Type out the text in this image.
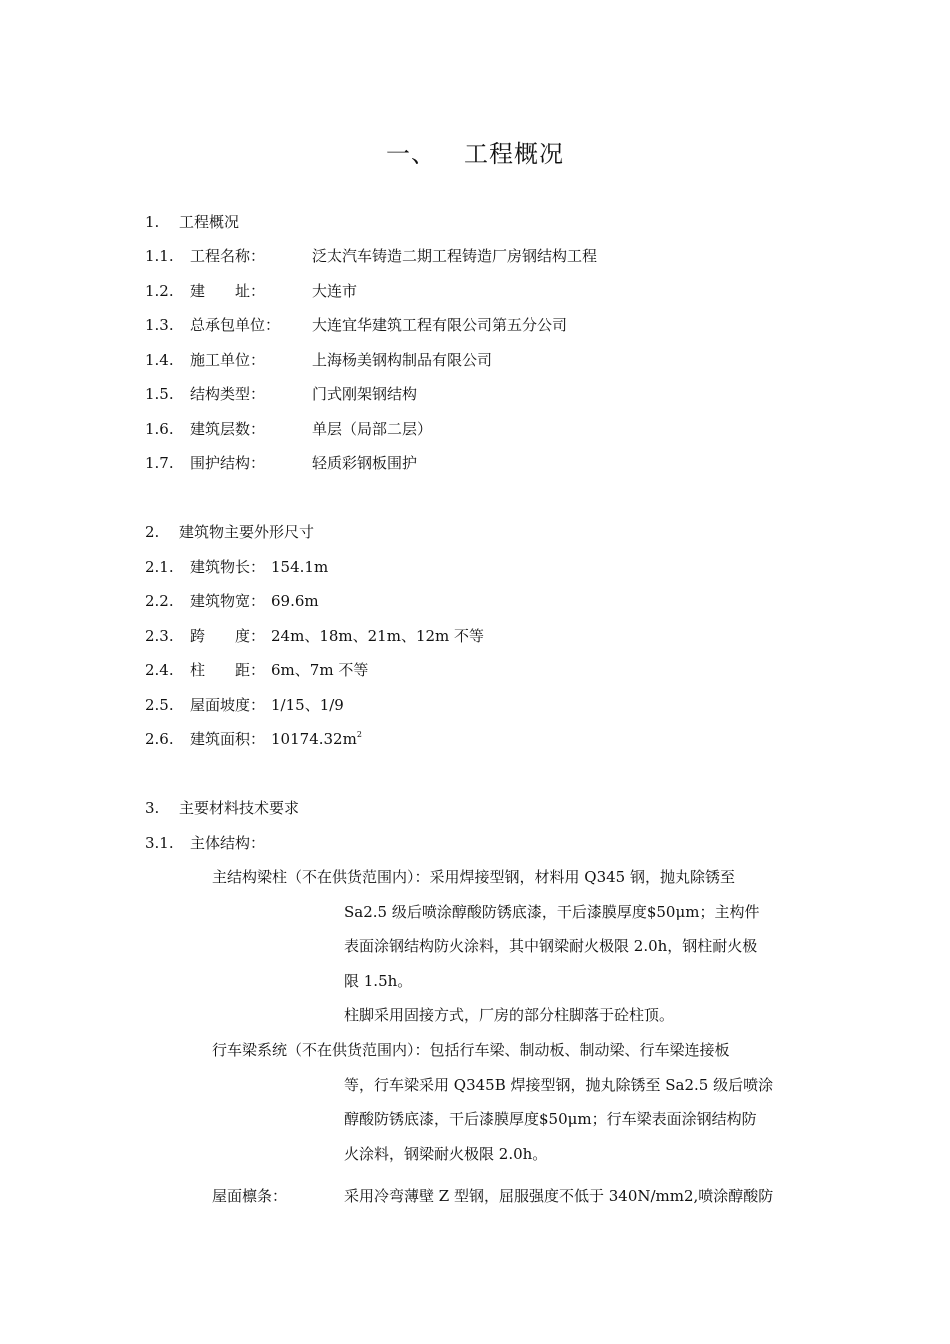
一、 工程概况
1. 工程概况
1.1. 工程名称：	泛太汽车铸造二期工程铸造厂房钢结构工程
1.2. 建　　址：	大连市
1.3. 总承包单位： 大连宜华建筑工程有限公司第五分公司
1.4. 施工单位：	上海杨美钢构制品有限公司
1.5. 结构类型：	门式刚架钢结构
1.6. 建筑层数：	单层（局部二层）
1.7. 围护结构：	轻质彩钢板围护
2. 建筑物主要外形尺寸
2.1. 建筑物长： 154.1m
2.2. 建筑物宽： 69.6m
2.3. 跨　　度： 24m、18m、21m、12m 不等
2.4. 柱　　距： 6m、7m 不等
2.5. 屋面坡度： 1/15、1/9
2.6. 建筑面积： $10174.32m^2$
3. 主要材料技术要求
3.1. 主体结构：
主结构梁柱（不在供货范围内）：采用焊接型钢，材料用 Q345 钢，抛丸除锈至
Sa2.5 级后喷涂醇酸防锈底漆，干后漆膜厚度$50μm；主构件
表面涂钢结构防火涂料，其中钢梁耐火极限 2.0h，钢柱耐火极
限 1.5h。
柱脚采用固接方式，厂房的部分柱脚落于砼柱顶。
行车梁系统（不在供货范围内）：包括行车梁、制动板、制动梁、行车梁连接板
等，行车梁采用 Q345B 焊接型钢，抛丸除锈至 Sa2.5 级后喷涂
醇酸防锈底漆，干后漆膜厚度$50μm；行车梁表面涂钢结构防
火涂料，钢梁耐火极限 2.0h。
屋面檩条：	采用冷弯薄壁 Z 型钢，屈服强度不低于 340N/mm2,喷涂醇酸防
